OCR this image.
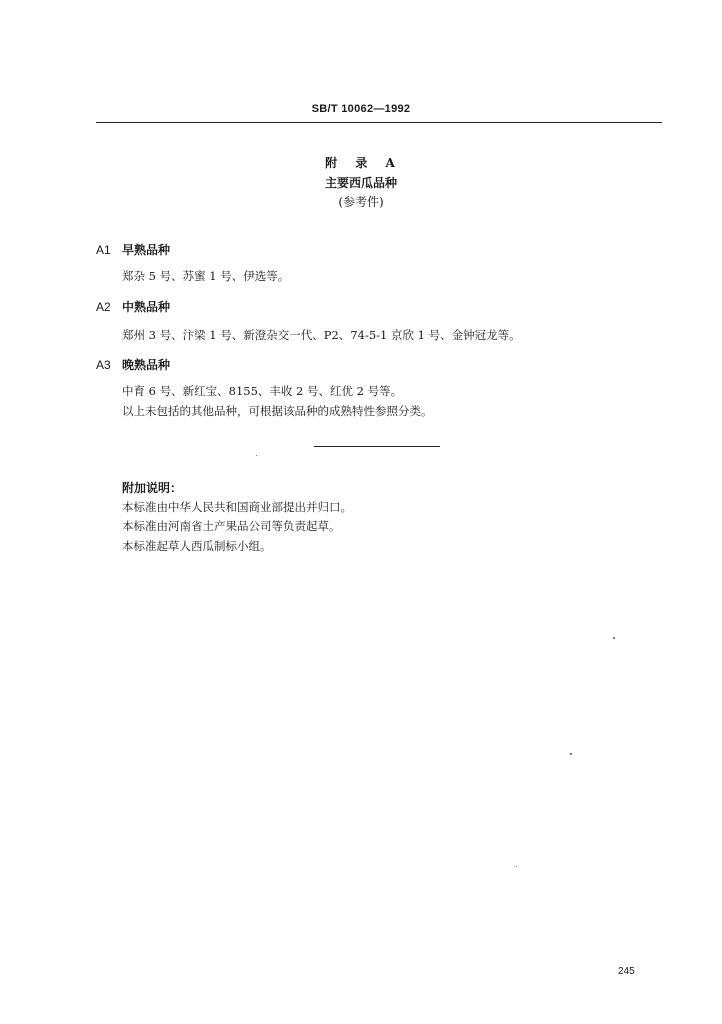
SB/T 10062—1992
附 录 A
主要西瓜品种
(参考件)
A1 早熟品种
郑杂 5 号、苏蜜 1 号、伊选等。
A2 中熟品种
郑州 3 号、汴梁 1 号、新澄杂交一代、P2、74-5-1 京欣 1 号、金钟冠龙等。
A3 晚熟品种
中育 6 号、新红宝、8155、丰收 2 号、红优 2 号等。
以上未包括的其他品种，可根据该品种的成熟特性参照分类。
附加说明：
本标准由中华人民共和国商业部提出并归口。
本标准由河南省土产果品公司等负责起草。
本标准起草人西瓜制标小组。
245
